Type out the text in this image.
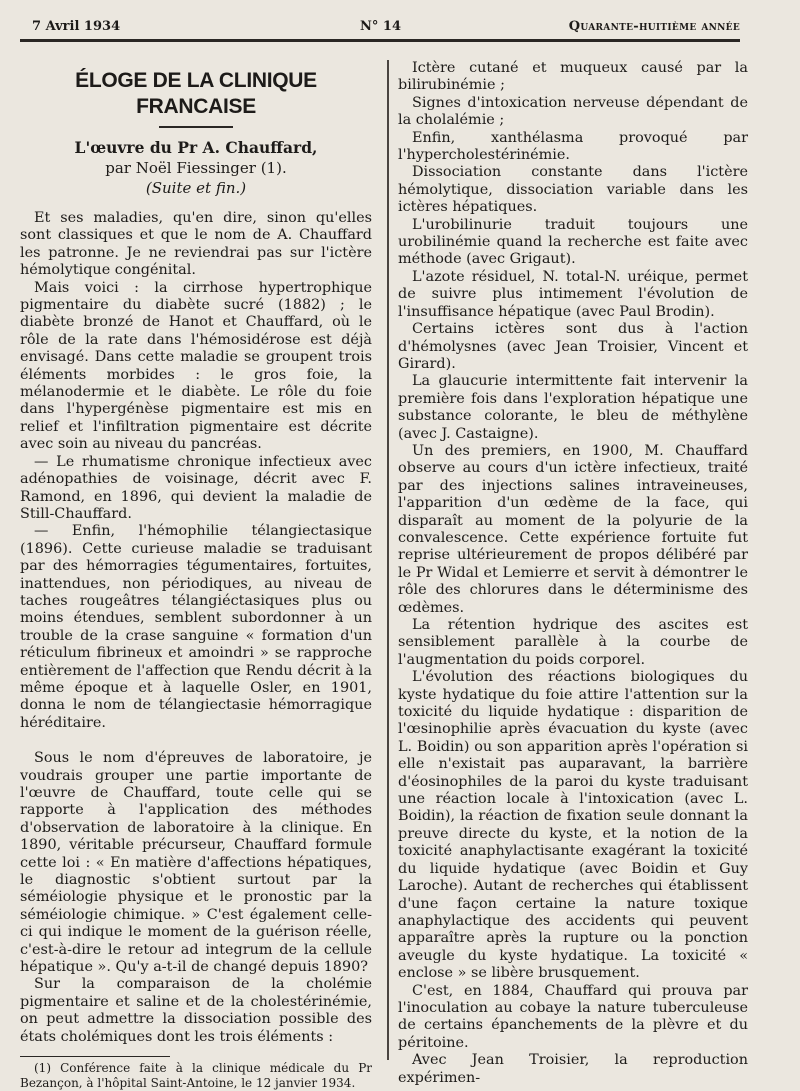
7 Avril 1934	N° 14	Quarante-huitième année
ÉLOGE DE LA CLINIQUE FRANCAISE
L'œuvre du Pr A. Chauffard,
par Noël Fiessinger (1).
(Suite et fin.)

Et ses maladies, qu'en dire, sinon qu'elles sont classiques et que le nom de A. Chauffard les patronne. Je ne reviendrai pas sur l'ictère hémolytique congénital.

Mais voici : la cirrhose hypertrophique pigmentaire du diabète sucré (1882) ; le diabète bronzé de Hanot et Chauffard, où le rôle de la rate dans l'hémosidérose est déjà envisagé. Dans cette maladie se groupent trois éléments morbides : le gros foie, la mélanodermie et le diabète. Le rôle du foie dans l'hypergénèse pigmentaire est mis en relief et l'infiltration pigmentaire est décrite avec soin au niveau du pancréas.

— Le rhumatisme chronique infectieux avec adénopathies de voisinage, décrit avec F. Ramond, en 1896, qui devient la maladie de Still-Chauffard.

— Enfin, l'hémophilie télangiectasique (1896). Cette curieuse maladie se traduisant par des hémorragies tégumentaires, fortuites, inattendues, non périodiques, au niveau de taches rougeâtres télangiéctasiques plus ou moins étendues, semblent subordonner à un trouble de la crase sanguine « formation d'un réticulum fibrineux et amoindri » se rapproche entièrement de l'affection que Rendu décrit à la même époque et à laquelle Osler, en 1901, donna le nom de télangiectasie hémorragique héréditaire.

Sous le nom d'épreuves de laboratoire, je voudrais grouper une partie importante de l'œuvre de Chauffard, toute celle qui se rapporte à l'application des méthodes d'observation de laboratoire à la clinique. En 1890, véritable précurseur, Chauffard formule cette loi : « En matière d'affections hépatiques, le diagnostic s'obtient surtout par la séméiologie physique et le pronostic par la séméiologie chimique. » C'est également celle-ci qui indique le moment de la guérison réelle, c'est-à-dire le retour ad integrum de la cellule hépatique ». Qu'y a-t-il de changé depuis 1890?

Sur la comparaison de la cholémie pigmentaire et saline et de la cholestérinémie, on peut admettre la dissociation possible des états cholémiques dont les trois éléments :

(1) Conférence faite à la clinique médicale du Pr Bezançon, à l'hôpital Saint-Antoine, le 12 janvier 1934.

Ictère cutané et muqueux causé par la bilirubinémie ;

Signes d'intoxication nerveuse dépendant de la cholalémie ;

Enfin, xanthélasma provoqué par l'hypercholestérinémie.

Dissociation constante dans l'ictère hémolytique, dissociation variable dans les ictères hépatiques.

L'urobilinurie traduit toujours une urobilinémie quand la recherche est faite avec méthode (avec Grigaut).

L'azote résiduel, N. total-N. uréique, permet de suivre plus intimement l'évolution de l'insuffisance hépatique (avec Paul Brodin).

Certains ictères sont dus à l'action d'hémolysnes (avec Jean Troisier, Vincent et Girard).

La glaucurie intermittente fait intervenir la première fois dans l'exploration hépatique une substance colorante, le bleu de méthylène (avec J. Castaigne).

Un des premiers, en 1900, M. Chauffard observe au cours d'un ictère infectieux, traité par des injections salines intraveineuses, l'apparition d'un œdème de la face, qui disparaît au moment de la polyurie de la convalescence. Cette expérience fortuite fut reprise ultérieurement de propos délibéré par le Pr Widal et Lemierre et servit à démontrer le rôle des chlorures dans le déterminisme des œdèmes.

La rétention hydrique des ascites est sensiblement parallèle à la courbe de l'augmentation du poids corporel.

L'évolution des réactions biologiques du kyste hydatique du foie attire l'attention sur la toxicité du liquide hydatique : disparition de l'œsinophilie après évacuation du kyste (avec L. Boidin) ou son apparition après l'opération si elle n'existait pas auparavant, la barrière d'éosinophiles de la paroi du kyste traduisant une réaction locale à l'intoxication (avec L. Boidin), la réaction de fixation seule donnant la preuve directe du kyste, et la notion de la toxicité anaphylactisante exagérant la toxicité du liquide hydatique (avec Boidin et Guy Laroche). Autant de recherches qui établissent d'une façon certaine la nature toxique anaphylactique des accidents qui peuvent apparaître après la rupture ou la ponction aveugle du kyste hydatique. La toxicité « enclose » se libère brusquement.

C'est, en 1884, Chauffard qui prouva par l'inoculation au cobaye la nature tuberculeuse de certains épanchements de la plèvre et du péritoine.

Avec Jean Troisier, la reproduction expérimen-
